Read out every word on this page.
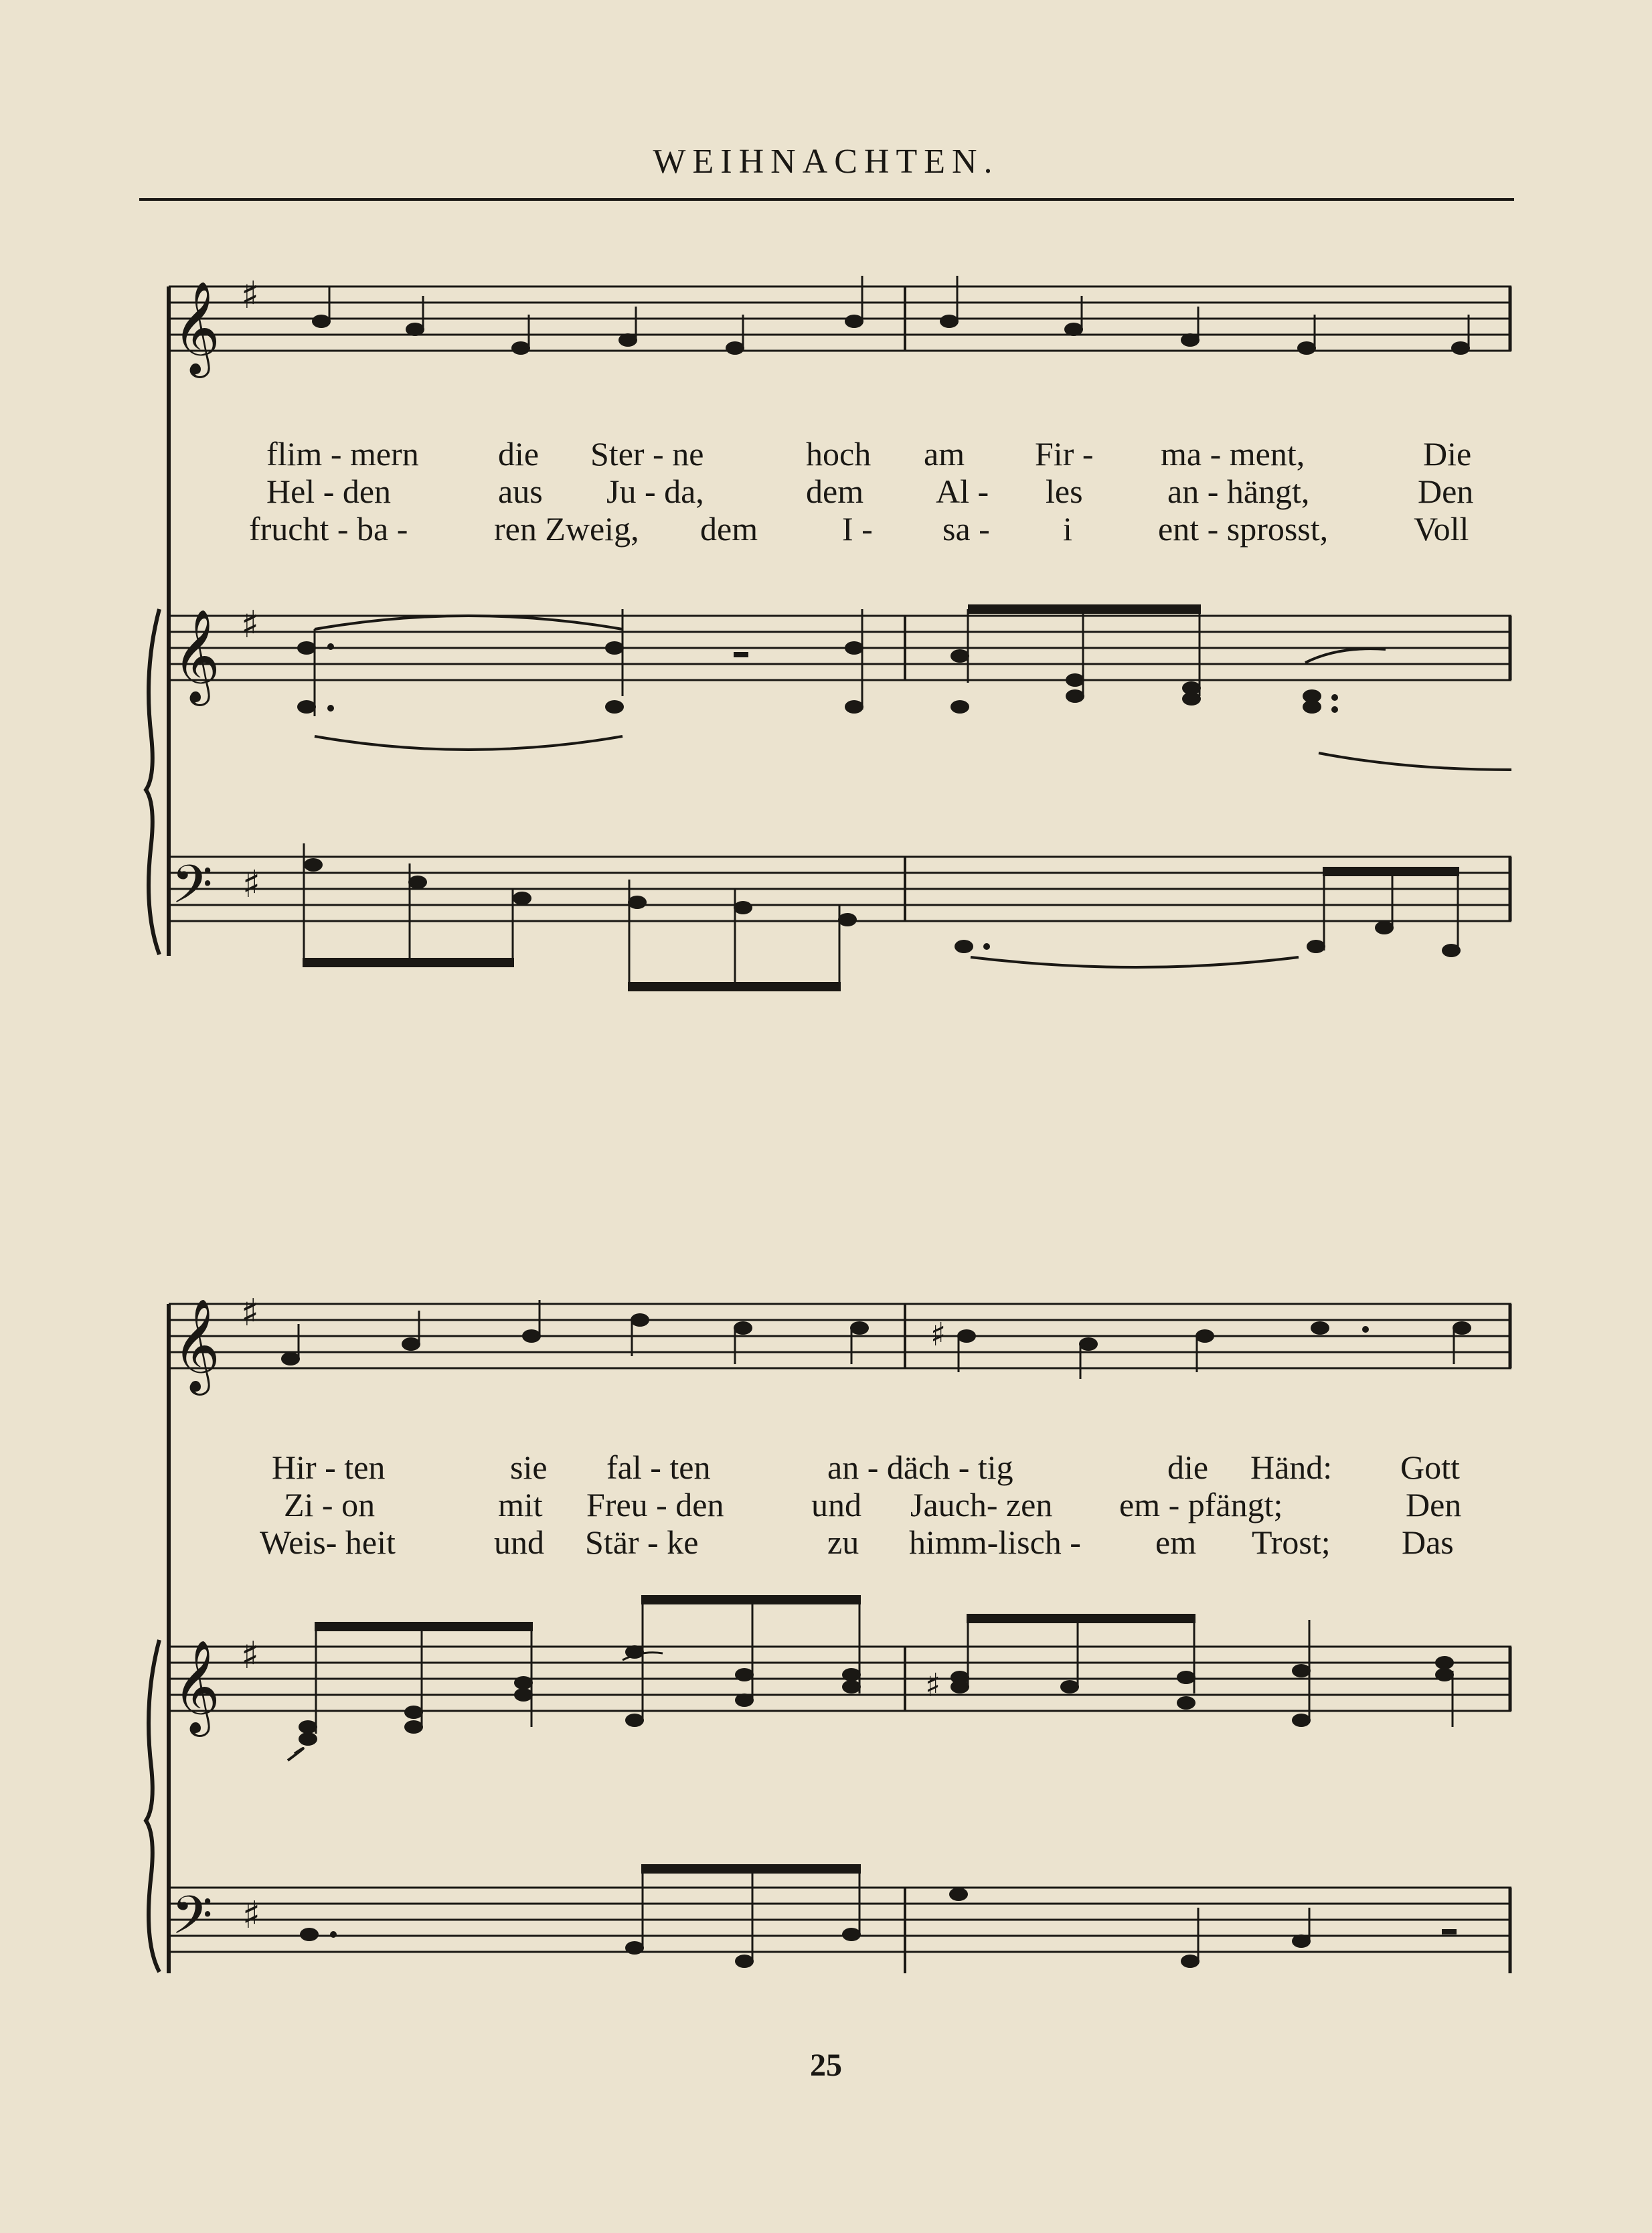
WEIHNACHTEN.
𝄞 ♯
𝄞 ♯
𝄢 ♯
flim - mern die Ster - ne	hoch am Fir - ma - ment,	Die
Hel - den	aus Ju - da,	dem Al - les	an - hängt,	Den
frucht - ba -	ren Zweig, dem	I - sa - i	ent - sprosst,	Voll
𝄞 ♯
𝄞 ♯
𝄢 ♯
♯
♯
Hir - ten	sie fal - ten	an - däch - tig	die Händ: Gott
Zi - on	mit Freu - den	und Jauch- zen em - pfängt;	Den
Weis- heit	und Stär - ke	zu himm-lisch - em Trost; Das
25
